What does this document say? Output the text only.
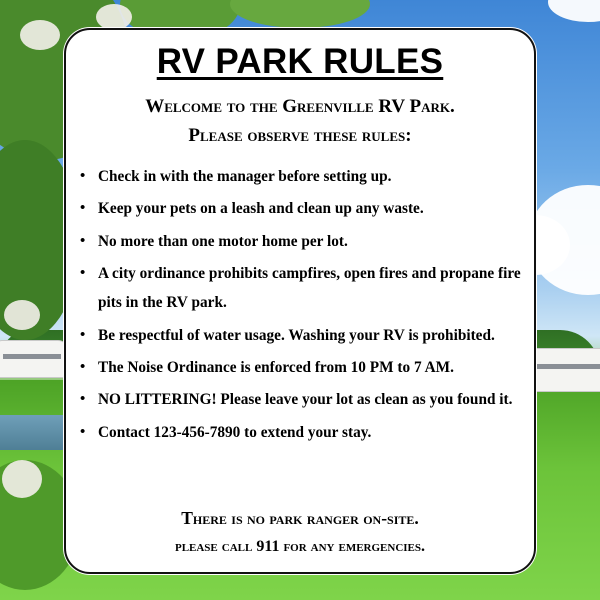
RV PARK RULES
Welcome to the Greenville RV Park.
Please observe these rules:
• Check in with the manager before setting up.
• Keep your pets on a leash and clean up any waste.
• No more than one motor home per lot.
• A city ordinance prohibits campfires, open fires and propane fire pits in the RV park.
• Be respectful of water usage. Washing your RV is prohibited.
• The Noise Ordinance is enforced from 10 PM to 7 AM.
• NO LITTERING! Please leave your lot as clean as you found it.
• Contact 123-456-7890 to extend your stay.
There is no park ranger on-site.
please call 911 for any emergencies.
